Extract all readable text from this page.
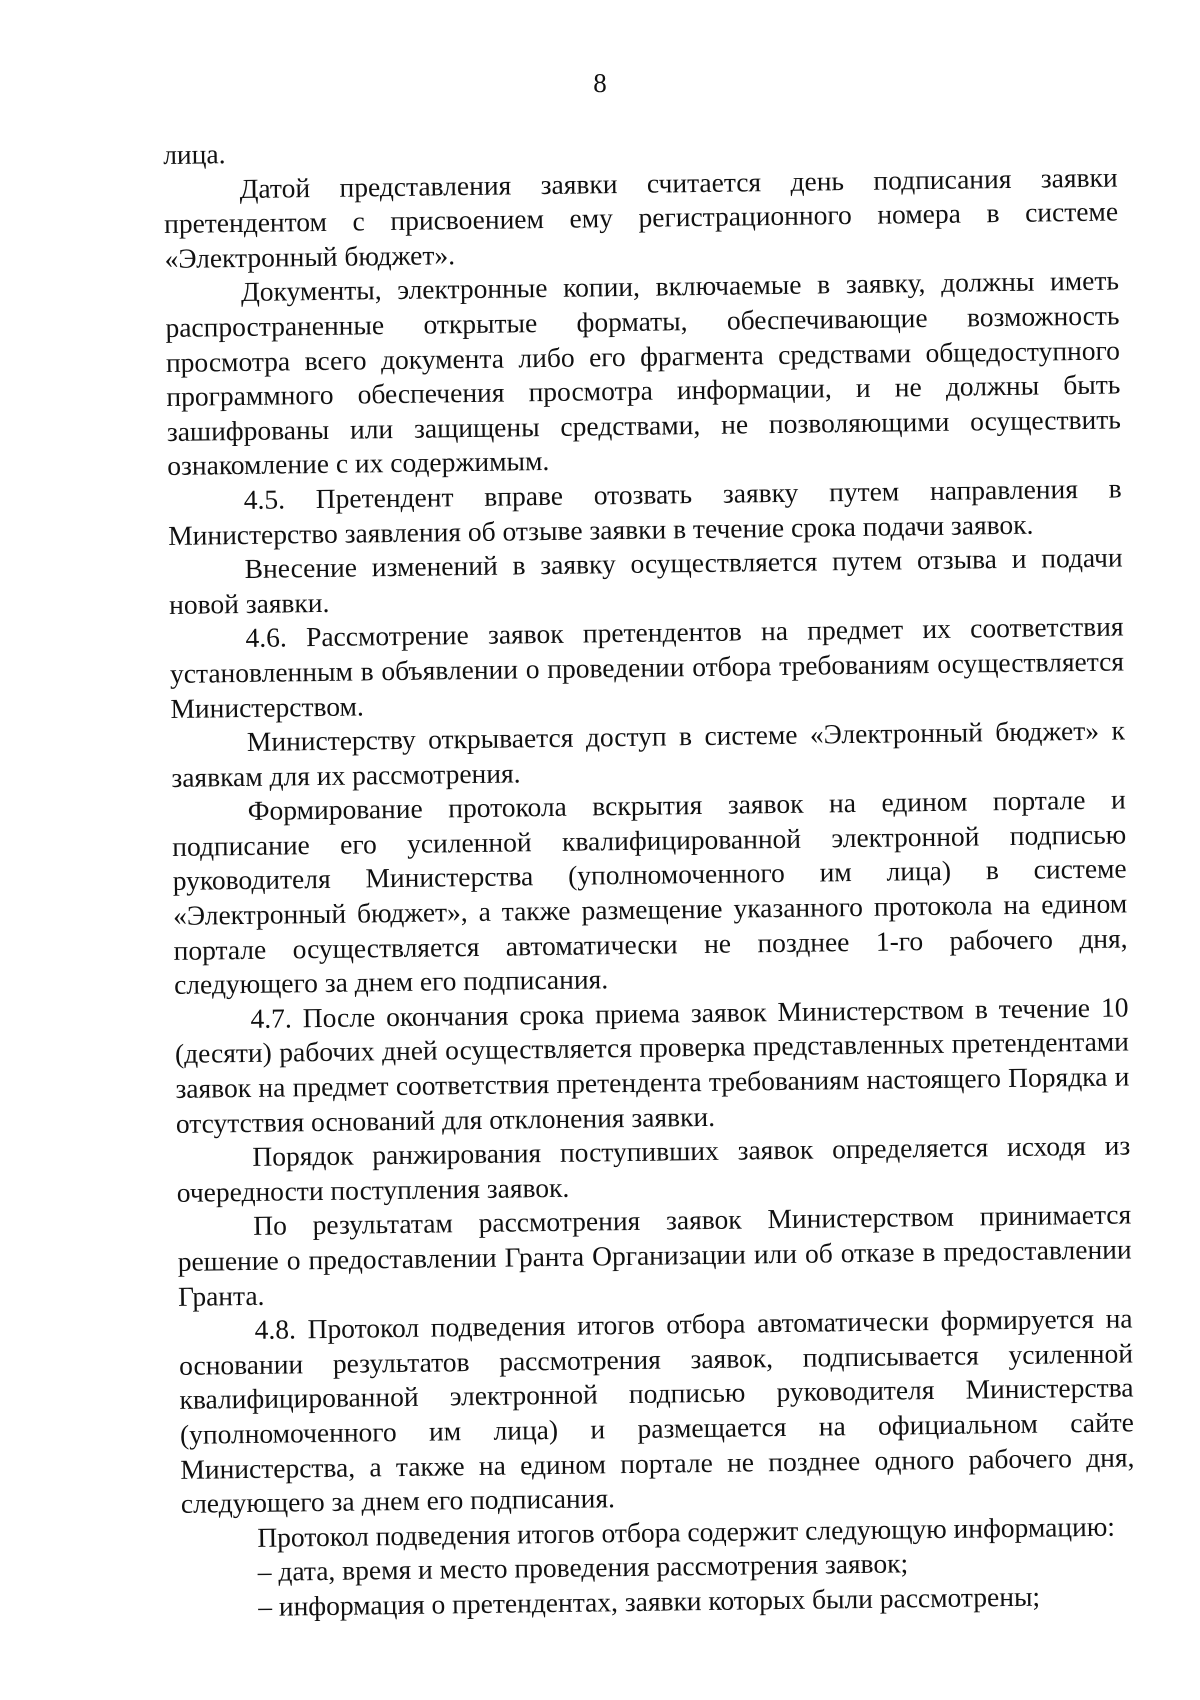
8

лица.

Датой представления заявки считается день подписания заявки претендентом с присвоением ему регистрационного номера в системе «Электронный бюджет».

Документы, электронные копии, включаемые в заявку, должны иметь распространенные открытые форматы, обеспечивающие возможность просмотра всего документа либо его фрагмента средствами общедоступного программного обеспечения просмотра информации, и не должны быть зашифрованы или защищены средствами, не позволяющими осуществить ознакомление с их содержимым.

4.5. Претендент вправе отозвать заявку путем направления в Министерство заявления об отзыве заявки в течение срока подачи заявок.

Внесение изменений в заявку осуществляется путем отзыва и подачи новой заявки.

4.6. Рассмотрение заявок претендентов на предмет их соответствия установленным в объявлении о проведении отбора требованиям осуществляется Министерством.

Министерству открывается доступ в системе «Электронный бюджет» к заявкам для их рассмотрения.

Формирование протокола вскрытия заявок на едином портале и подписание его усиленной квалифицированной электронной подписью руководителя Министерства (уполномоченного им лица) в системе «Электронный бюджет», а также размещение указанного протокола на едином портале осуществляется автоматически не позднее 1-го рабочего дня, следующего за днем его подписания.

4.7. После окончания срока приема заявок Министерством в течение 10 (десяти) рабочих дней осуществляется проверка представленных претендентами заявок на предмет соответствия претендента требованиям настоящего Порядка и отсутствия оснований для отклонения заявки.

Порядок ранжирования поступивших заявок определяется исходя из очередности поступления заявок.

По результатам рассмотрения заявок Министерством принимается решение о предоставлении Гранта Организации или об отказе в предоставлении Гранта.

4.8. Протокол подведения итогов отбора автоматически формируется на основании результатов рассмотрения заявок, подписывается усиленной квалифицированной электронной подписью руководителя Министерства (уполномоченного им лица) и размещается на официальном сайте Министерства, а также на едином портале не позднее одного рабочего дня, следующего за днем его подписания.

Протокол подведения итогов отбора содержит следующую информацию:

– дата, время и место проведения рассмотрения заявок;

– информация о претендентах, заявки которых были рассмотрены;
